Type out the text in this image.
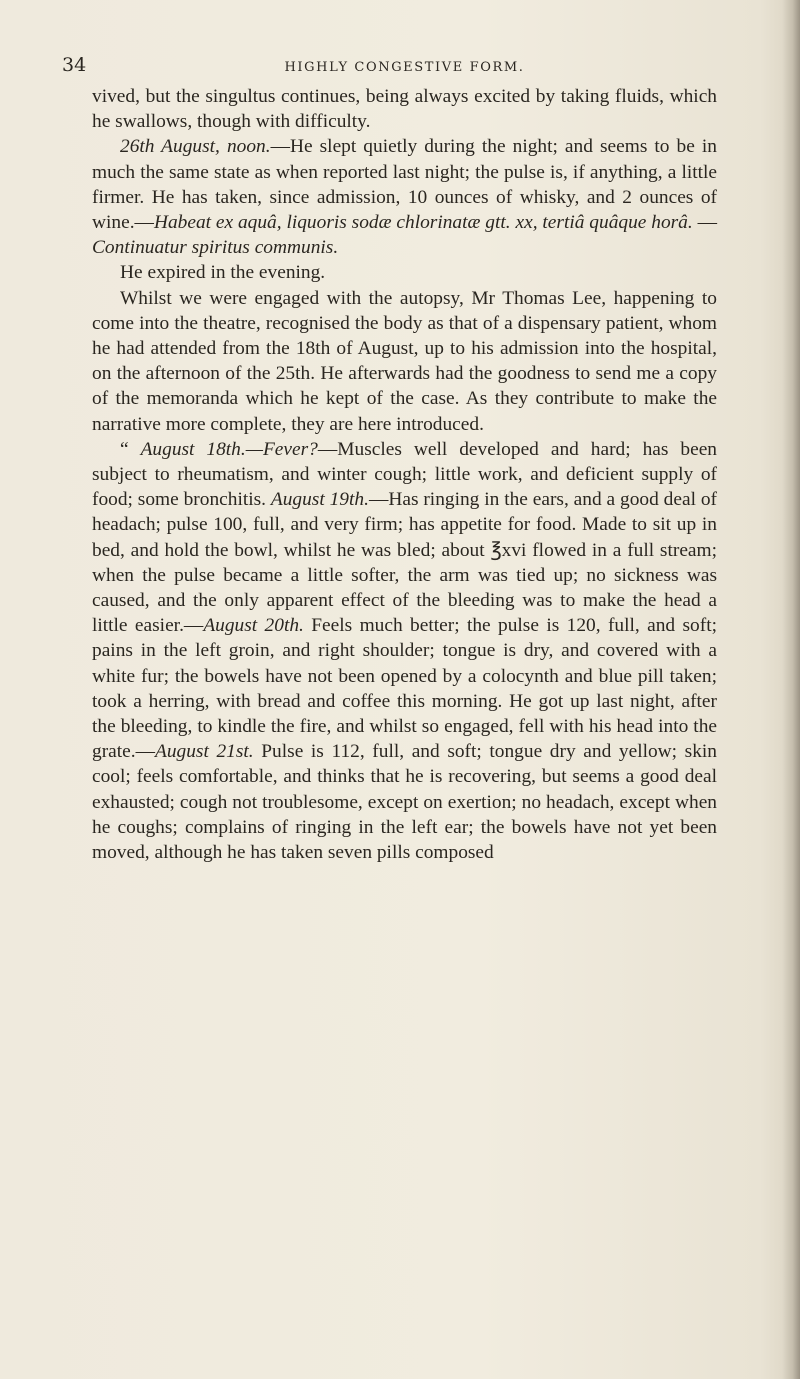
34	HIGHLY CONGESTIVE FORM.

vived, but the singultus continues, being always excited by taking fluids, which he swallows, though with difficulty.

26th August, noon.—He slept quietly during the night; and seems to be in much the same state as when reported last night; the pulse is, if anything, a little firmer. He has taken, since admission, 10 ounces of whisky, and 2 ounces of wine.—Habeat ex aquâ, liquoris sodæ chlorinatæ gtt. xx, tertiâ quâque horâ. —Continuatur spiritus communis.

He expired in the evening.

Whilst we were engaged with the autopsy, Mr Thomas Lee, happening to come into the theatre, recognised the body as that of a dispensary patient, whom he had attended from the 18th of August, up to his admission into the hospital, on the afternoon of the 25th. He afterwards had the goodness to send me a copy of the memoranda which he kept of the case. As they contribute to make the narrative more complete, they are here introduced.

“ August 18th.—Fever?—Muscles well developed and hard; has been subject to rheumatism, and winter cough; little work, and deficient supply of food; some bronchitis. August 19th.—Has ringing in the ears, and a good deal of headach; pulse 100, full, and very firm; has appetite for food. Made to sit up in bed, and hold the bowl, whilst he was bled; about ℥xvi flowed in a full stream; when the pulse became a little softer, the arm was tied up; no sickness was caused, and the only apparent effect of the bleeding was to make the head a little easier.—August 20th. Feels much better; the pulse is 120, full, and soft; pains in the left groin, and right shoulder; tongue is dry, and covered with a white fur; the bowels have not been opened by a colocynth and blue pill taken; took a herring, with bread and coffee this morning. He got up last night, after the bleeding, to kindle the fire, and whilst so engaged, fell with his head into the grate.—August 21st. Pulse is 112, full, and soft; tongue dry and yellow; skin cool; feels comfortable, and thinks that he is recovering, but seems a good deal exhausted; cough not troublesome, except on exertion; no headach, except when he coughs; complains of ringing in the left ear; the bowels have not yet been moved, although he has taken seven pills composed
